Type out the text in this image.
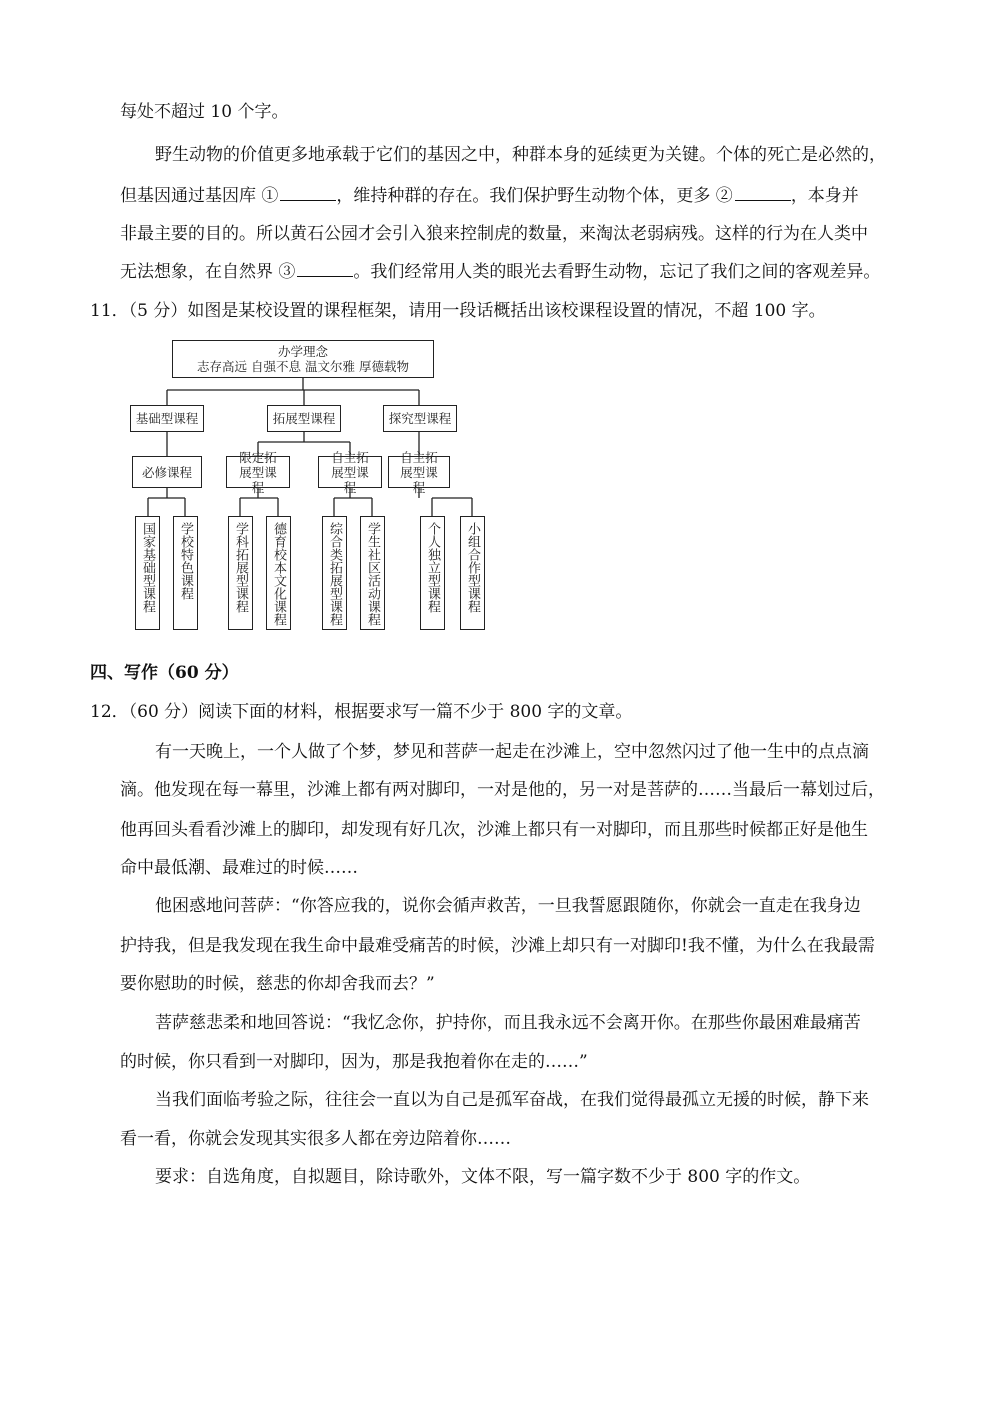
每处不超过 10 个字。
野生动物的价值更多地承载于它们的基因之中，种群本身的延续更为关键。个体的死亡是必然的，
但基因通过基因库 ①	，维持种群的存在。我们保护野生动物个体，更多 ②	，本身并
非最主要的目的。所以黄石公园才会引入狼来控制虎的数量，来淘汰老弱病残。这样的行为在人类中
无法想象，在自然界 ③	。我们经常用人类的眼光去看野生动物，忘记了我们之间的客观差异。
11．（5 分）如图是某校设置的课程框架，请用一段话概括出该校课程设置的情况，不超 100 字。
办学理念
志存高远 自强不息 温文尔雅 厚德载物
基础型课程	拓展型课程	探究型课程
必修课程
限定拓展型课程
自主拓展型课程
自主拓展型课程
国家基础型课程	学校特色课程	学科拓展型课程	德育校本文化课程	综合类拓展型课程	学生社区活动课程	个人独立型课程	小组合作型课程
四、写作（60 分）
12．（60 分）阅读下面的材料，根据要求写一篇不少于 800 字的文章。
有一天晚上，一个人做了个梦，梦见和菩萨一起走在沙滩上，空中忽然闪过了他一生中的点点滴
滴。他发现在每一幕里，沙滩上都有两对脚印，一对是他的，另一对是菩萨的……当最后一幕划过后，
他再回头看看沙滩上的脚印，却发现有好几次，沙滩上都只有一对脚印，而且那些时候都正好是他生
命中最低潮、最难过的时候……
他困惑地问菩萨：“你答应我的，说你会循声救苦，一旦我誓愿跟随你，你就会一直走在我身边
护持我，但是我发现在我生命中最难受痛苦的时候，沙滩上却只有一对脚印!我不懂，为什么在我最需
要你慰助的时候，慈悲的你却舍我而去？”
菩萨慈悲柔和地回答说：“我忆念你，护持你，而且我永远不会离开你。在那些你最困难最痛苦
的时候，你只看到一对脚印，因为，那是我抱着你在走的……”
当我们面临考验之际，往往会一直以为自己是孤军奋战，在我们觉得最孤立无援的时候，静下来
看一看，你就会发现其实很多人都在旁边陪着你……
要求：自选角度，自拟题目，除诗歌外，文体不限，写一篇字数不少于 800 字的作文。
